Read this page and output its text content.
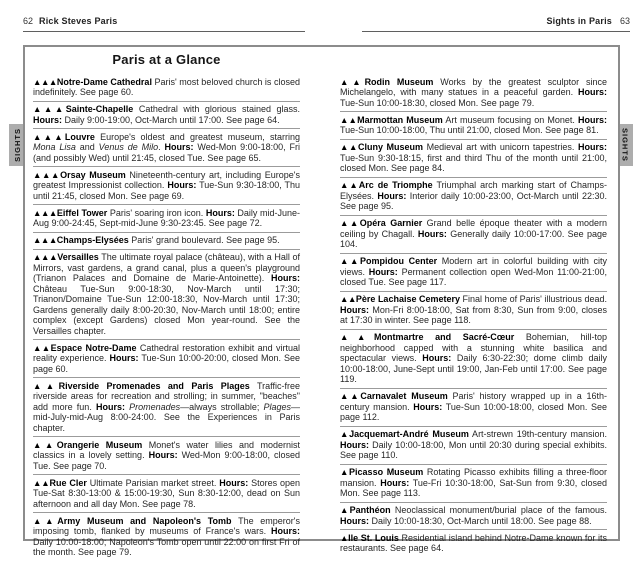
62 Rick Steves Paris	Sights in Paris 63
SIGHTS	SIGHTS
Paris at a Glance
▲▲▲Notre-Dame Cathedral Paris' most beloved church is closed indefinitely. See page 60.
▲▲▲Sainte-Chapelle Cathedral with glorious stained glass. Hours: Daily 9:00-19:00, Oct-March until 17:00. See page 64.
▲▲▲Louvre Europe's oldest and greatest museum, starring Mona Lisa and Venus de Milo. Hours: Wed-Mon 9:00-18:00, Fri (and possibly Wed) until 21:45, closed Tue. See page 65.
▲▲▲Orsay Museum Nineteenth-century art, including Europe's greatest Impressionist collection. Hours: Tue-Sun 9:30-18:00, Thu until 21:45, closed Mon. See page 69.
▲▲▲Eiffel Tower Paris' soaring iron icon. Hours: Daily mid-June-Aug 9:00-24:45, Sept-mid-June 9:30-23:45. See page 72.
▲▲▲Champs-Elysées Paris' grand boulevard. See page 95.
▲▲▲Versailles The ultimate royal palace (château), with a Hall of Mirrors, vast gardens, a grand canal, plus a queen's playground (Trianon Palaces and Domaine de Marie-Antoinette). Hours: Château Tue-Sun 9:00-18:30, Nov-March until 17:30; Trianon/Domaine Tue-Sun 12:00-18:30, Nov-March until 17:30; Gardens generally daily 8:00-20:30, Nov-March until 18:00; entire complex (except Gardens) closed Mon year-round. See the Versailles chapter.
▲▲Espace Notre-Dame Cathedral restoration exhibit and virtual reality experience. Hours: Tue-Sun 10:00-20:00, closed Mon. See page 60.
▲▲Riverside Promenades and Paris Plages Traffic-free riverside areas for recreation and strolling; in summer, "beaches" add more fun. Hours: Promenades—always strollable; Plages—mid-July-mid-Aug 8:00-24:00. See the Experiences in Paris chapter.
▲▲Orangerie Museum Monet's water lilies and modernist classics in a lovely setting. Hours: Wed-Mon 9:00-18:00, closed Tue. See page 70.
▲▲Rue Cler Ultimate Parisian market street. Hours: Stores open Tue-Sat 8:30-13:00 & 15:00-19:30, Sun 8:30-12:00, dead on Sun afternoon and all day Mon. See page 78.
▲▲Army Museum and Napoleon's Tomb The emperor's imposing tomb, flanked by museums of France's wars. Hours: Daily 10:00-18:00; Napoleon's Tomb open until 22:00 on first Fri of the month. See page 79.
▲▲Rodin Museum Works by the greatest sculptor since Michelangelo, with many statues in a peaceful garden. Hours: Tue-Sun 10:00-18:30, closed Mon. See page 79.
▲▲Marmottan Museum Art museum focusing on Monet. Hours: Tue-Sun 10:00-18:00, Thu until 21:00, closed Mon. See page 81.
▲▲Cluny Museum Medieval art with unicorn tapestries. Hours: Tue-Sun 9:30-18:15, first and third Thu of the month until 21:00, closed Mon. See page 84.
▲▲Arc de Triomphe Triumphal arch marking start of Champs-Elysées. Hours: Interior daily 10:00-23:00, Oct-March until 22:30. See page 95.
▲▲Opéra Garnier Grand belle époque theater with a modern ceiling by Chagall. Hours: Generally daily 10:00-17:00. See page 104.
▲▲Pompidou Center Modern art in colorful building with city views. Hours: Permanent collection open Wed-Mon 11:00-21:00, closed Tue. See page 117.
▲▲Père Lachaise Cemetery Final home of Paris' illustrious dead. Hours: Mon-Fri 8:00-18:00, Sat from 8:30, Sun from 9:00, closes at 17:30 in winter. See page 118.
▲▲Montmartre and Sacré-Cœur Bohemian, hill-top neighborhood capped with a stunning white basilica and spectacular views. Hours: Daily 6:30-22:30; dome climb daily 10:00-18:00, June-Sept until 19:00, Jan-Feb until 17:00. See page 119.
▲▲Carnavalet Museum Paris' history wrapped up in a 16th-century mansion. Hours: Tue-Sun 10:00-18:00, closed Mon. See page 112.
▲Jacquemart-André Museum Art-strewn 19th-century mansion. Hours: Daily 10:00-18:00, Mon until 20:30 during special exhibits. See page 110.
▲Picasso Museum Rotating Picasso exhibits filling a three-floor mansion. Hours: Tue-Fri 10:30-18:00, Sat-Sun from 9:30, closed Mon. See page 113.
▲Panthéon Neoclassical monument/burial place of the famous. Hours: Daily 10:00-18:30, Oct-March until 18:00. See page 88.
▲Ile St. Louis Residential island behind Notre-Dame known for its restaurants. See page 64.
